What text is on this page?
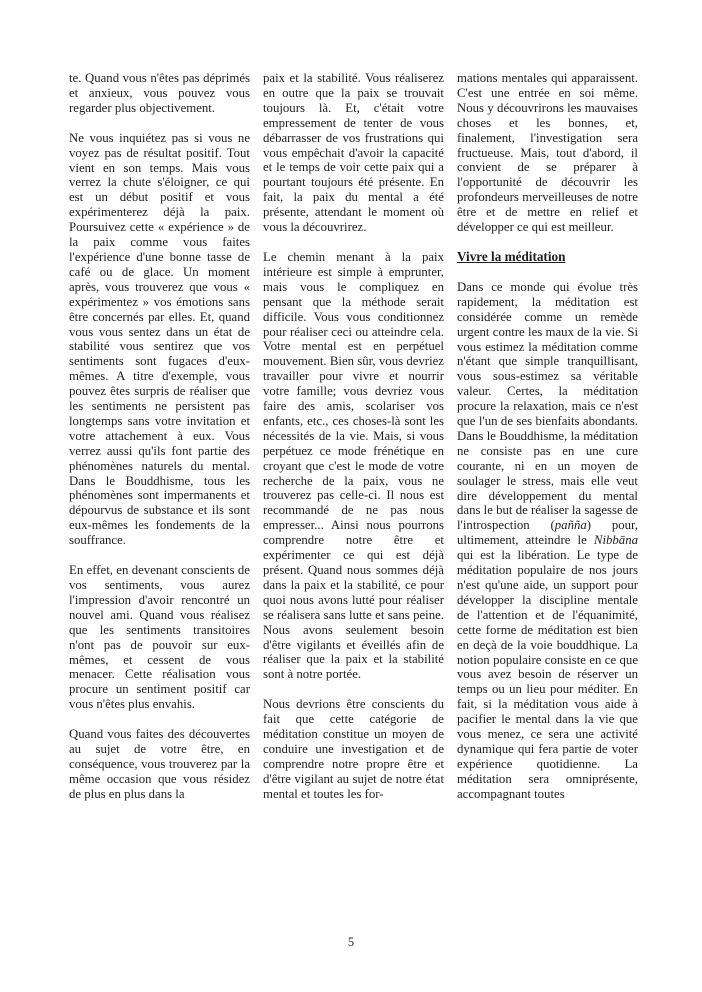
te. Quand vous n'êtes pas déprimés et anxieux, vous pouvez vous regarder plus objectivement.

Ne vous inquiétez pas si vous ne voyez pas de résultat positif. Tout vient en son temps. Mais vous verrez la chute s'éloigner, ce qui est un début positif et vous expérimenterez déjà la paix. Poursuivez cette « expérience » de la paix comme vous faites l'expérience d'une bonne tasse de café ou de glace. Un moment après, vous trouverez que vous « expérimentez » vos émotions sans être concernés par elles. Et, quand vous vous sentez dans un état de stabilité vous sentirez que vos sentiments sont fugaces d'eux-mêmes. A titre d'exemple, vous pouvez êtes surpris de réaliser que les sentiments ne persistent pas longtemps sans votre invitation et votre attachement à eux. Vous verrez aussi qu'ils font partie des phénomènes naturels du mental. Dans le Bouddhisme, tous les phénomènes sont impermanents et dépourvus de substance et ils sont eux-mêmes les fondements de la souffrance.

En effet, en devenant conscients de vos sentiments, vous aurez l'impression d'avoir rencontré un nouvel ami. Quand vous réalisez que les sentiments transitoires n'ont pas de pouvoir sur eux-mêmes, et cessent de vous menacer. Cette réalisation vous procure un sentiment positif car vous n'êtes plus envahis.

Quand vous faites des découvertes au sujet de votre être, en conséquence, vous trouverez par la même occasion que vous résidez de plus en plus dans la

paix et la stabilité. Vous réaliserez en outre que la paix se trouvait toujours là. Et, c'était votre empressement de tenter de vous débarrasser de vos frustrations qui vous empêchait d'avoir la capacité et le temps de voir cette paix qui a pourtant toujours été présente. En fait, la paix du mental a été présente, attendant le moment où vous la découvrirez.

Le chemin menant à la paix intérieure est simple à emprunter, mais vous le compliquez en pensant que la méthode serait difficile. Vous vous conditionnez pour réaliser ceci ou atteindre cela. Votre mental est en perpétuel mouvement. Bien sûr, vous devriez travailler pour vivre et nourrir votre famille; vous devriez vous faire des amis, scolariser vos enfants, etc., ces choses-là sont les nécessités de la vie. Mais, si vous perpétuez ce mode frénétique en croyant que c'est le mode de votre recherche de la paix, vous ne trouverez pas celle-ci. Il nous est recommandé de ne pas nous empresser... Ainsi nous pourrons comprendre notre être et expérimenter ce qui est déjà présent. Quand nous sommes déjà dans la paix et la stabilité, ce pour quoi nous avons lutté pour réaliser se réalisera sans lutte et sans peine. Nous avons seulement besoin d'être vigilants et éveillés afin de réaliser que la paix et la stabilité sont à notre portée.

Nous devrions être conscients du fait que cette catégorie de méditation constitue un moyen de conduire une investigation et de comprendre notre propre être et d'être vigilant au sujet de notre état mental et toutes les for-

mations mentales qui apparaissent. C'est une entrée en soi même. Nous y découvrirons les mauvaises choses et les bonnes, et, finalement, l'investigation sera fructueuse. Mais, tout d'abord, il convient de se préparer à l'opportunité de découvrir les profondeurs merveilleuses de notre être et de mettre en relief et développer ce qui est meilleur.

Vivre la méditation

Dans ce monde qui évolue très rapidement, la méditation est considérée comme un remède urgent contre les maux de la vie. Si vous estimez la méditation comme n'étant que simple tranquillisant, vous sous-estimez sa véritable valeur. Certes, la méditation procure la relaxation, mais ce n'est que l'un de ses bienfaits abondants. Dans le Bouddhisme, la méditation ne consiste pas en une cure courante, ni en un moyen de soulager le stress, mais elle veut dire développement du mental dans le but de réaliser la sagesse de l'introspection (pañña) pour, ultimement, atteindre le Nibbāna qui est la libération. Le type de méditation populaire de nos jours n'est qu'une aide, un support pour développer la discipline mentale de l'attention et de l'équanimité, cette forme de méditation est bien en deçà de la voie bouddhique. La notion populaire consiste en ce que vous avez besoin de réserver un temps ou un lieu pour méditer. En fait, si la méditation vous aide à pacifier le mental dans la vie que vous menez, ce sera une activité dynamique qui fera partie de voter expérience quotidienne. La méditation sera omniprésente, accompagnant toutes

5
